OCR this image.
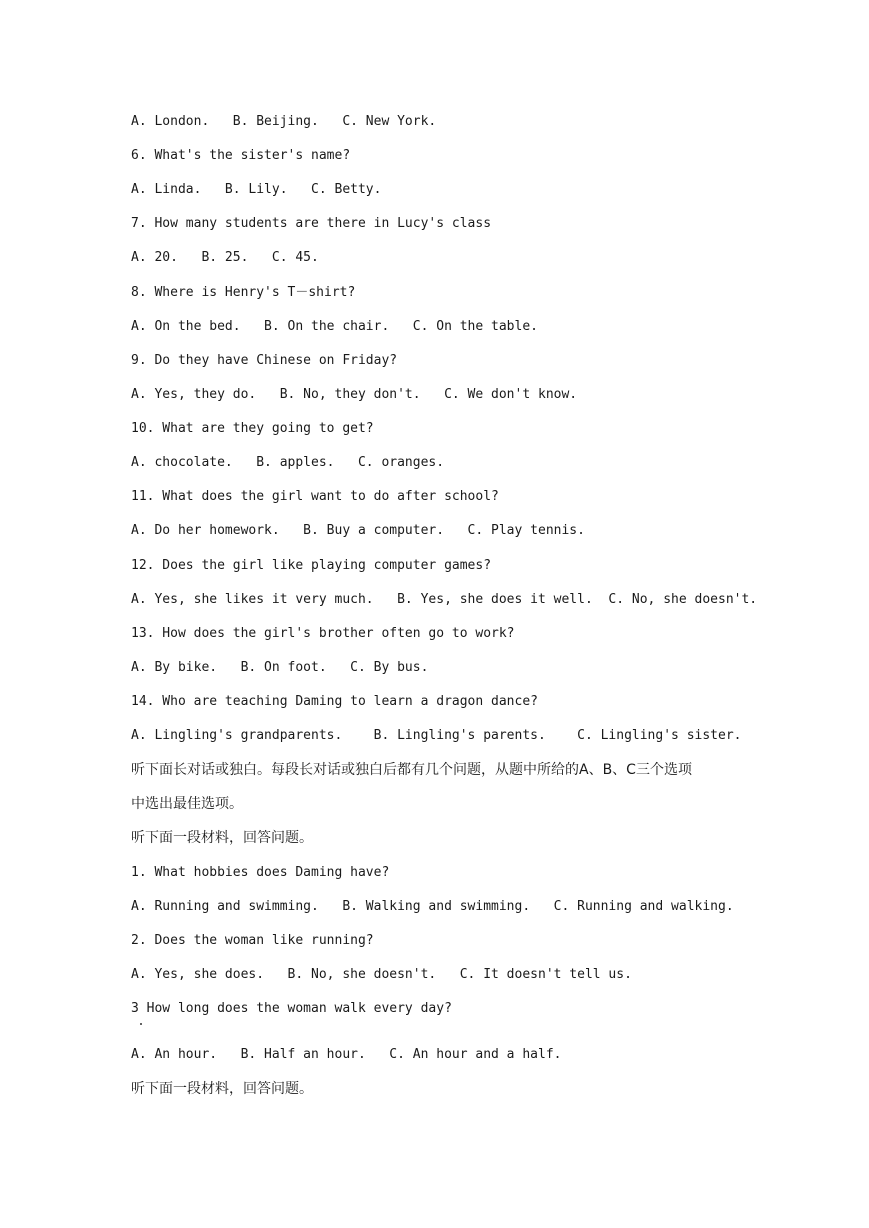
A. London.   B. Beijing.   C. New York.
6. What's the sister's name?
A. Linda.   B. Lily.   C. Betty.
7. How many students are there in Lucy's class
A. 20.   B. 25.   C. 45.
8. Where is Henry's T－shirt?
A. On the bed.   B. On the chair.   C. On the table.
9. Do they have Chinese on Friday?
A. Yes, they do.   B. No, they don't.   C. We don't know.
10. What are they going to get?
A. chocolate.   B. apples.   C. oranges.
11. What does the girl want to do after school?
A. Do her homework.   B. Buy a computer.   C. Play tennis.
12. Does the girl like playing computer games?
A. Yes, she likes it very much.   B. Yes, she does it well.  C. No, she doesn't.
13. How does the girl's brother often go to work?
A. By bike.   B. On foot.   C. By bus.
14. Who are teaching Daming to learn a dragon dance?
A. Lingling's grandparents.    B. Lingling's parents.    C. Lingling's sister.
听下面长对话或独白。每段长对话或独白后都有几个问题，从题中所给的A、B、C三个选项
中选出最佳选项。
听下面一段材料，回答问题。
1. What hobbies does Daming have?
A. Running and swimming.   B. Walking and swimming.   C. Running and walking.
2. Does the woman like running?
A. Yes, she does.   B. No, she doesn't.   C. It doesn't tell us.
3 How long does the woman walk every day?
A. An hour.   B. Half an hour.   C. An hour and a half.
听下面一段材料，回答问题。
